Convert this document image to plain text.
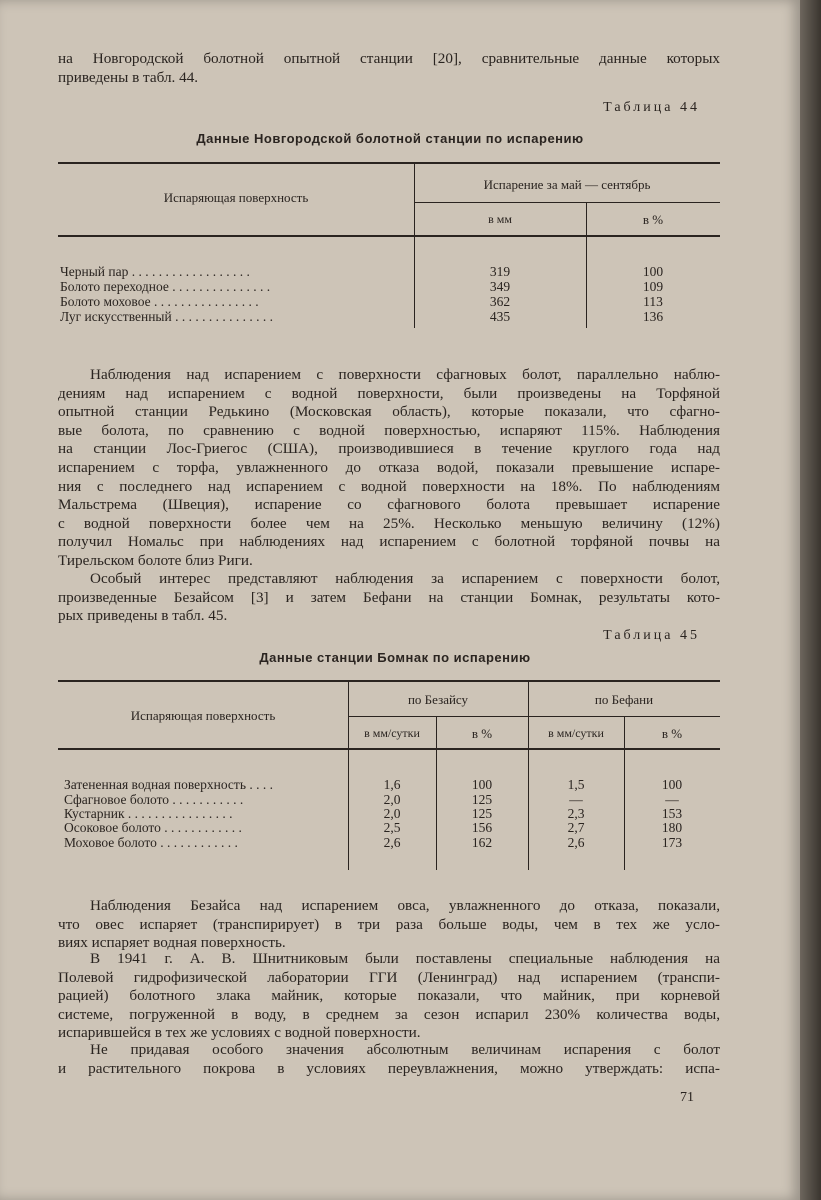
на Новгородской болотной опытной станции [20], сравнительные данные которых
приведены в табл. 44.
Таблица 44
Данные Новгородской болотной станции по испарению
Испаряющая поверхность
Испарение за май — сентябрь
в мм	в %
Черный пар . . . . . . . . . . . . . . . . . .	319	100
Болото переходное . . . . . . . . . . . . . . .	349	109
Болото моховое . . . . . . . . . . . . . . . .	362	113
Луг искусственный . . . . . . . . . . . . . . .	435	136
Наблюдения над испарением с поверхности сфагновых болот, параллельно наблю-
дениям над испарением с водной поверхности, были произведены на Торфяной
опытной станции Редькино (Московская область), которые показали, что сфагно-
вые болота, по сравнению с водной поверхностью, испаряют 115%. Наблюдения
на станции Лос-Гриегос (США), производившиеся в течение круглого года над
испарением с торфа, увлажненного до отказа водой, показали превышение испаре-
ния с последнего над испарением с водной поверхности на 18%. По наблюдениям
Мальстрема (Швеция), испарение со сфагнового болота превышает испарение
с водной поверхности более чем на 25%. Несколько меньшую величину (12%)
получил Номальс при наблюдениях над испарением с болотной торфяной почвы на
Тирельском болоте близ Риги.
Особый интерес представляют наблюдения за испарением с поверхности болот,
произведенные Безайсом [3] и затем Бефани на станции Бомнак, результаты кото-
рых приведены в табл. 45.
Таблица 45
Данные станции Бомнак по испарению
Испаряющая поверхность
по Безайсу	по Бефани
в мм/сутки	в %	в мм/сутки	в %
Затененная водная поверхность . . . .	1,6	100	1,5	100
Сфагновое болото . . . . . . . . . . .	2,0	125	—	—
Кустарник . . . . . . . . . . . . . . . .	2,0	125	2,3	153
Осоковое болото . . . . . . . . . . . .	2,5	156	2,7	180
Моховое болото . . . . . . . . . . . .	2,6	162	2,6	173
Наблюдения Безайса над испарением овса, увлажненного до отказа, показали,
что овес испаряет (транспирирует) в три раза больше воды, чем в тех же усло-
виях испаряет водная поверхность.
В 1941 г. А. В. Шнитниковым были поставлены специальные наблюдения на
Полевой гидрофизической лаборатории ГГИ (Ленинград) над испарением (транспи-
рацией) болотного злака майник, которые показали, что майник, при корневой
системе, погруженной в воду, в среднем за сезон испарил 230% количества воды,
испарившейся в тех же условиях с водной поверхности.
Не придавая особого значения абсолютным величинам испарения с болот
и растительного покрова в условиях переувлажнения, можно утверждать: испа-
71
